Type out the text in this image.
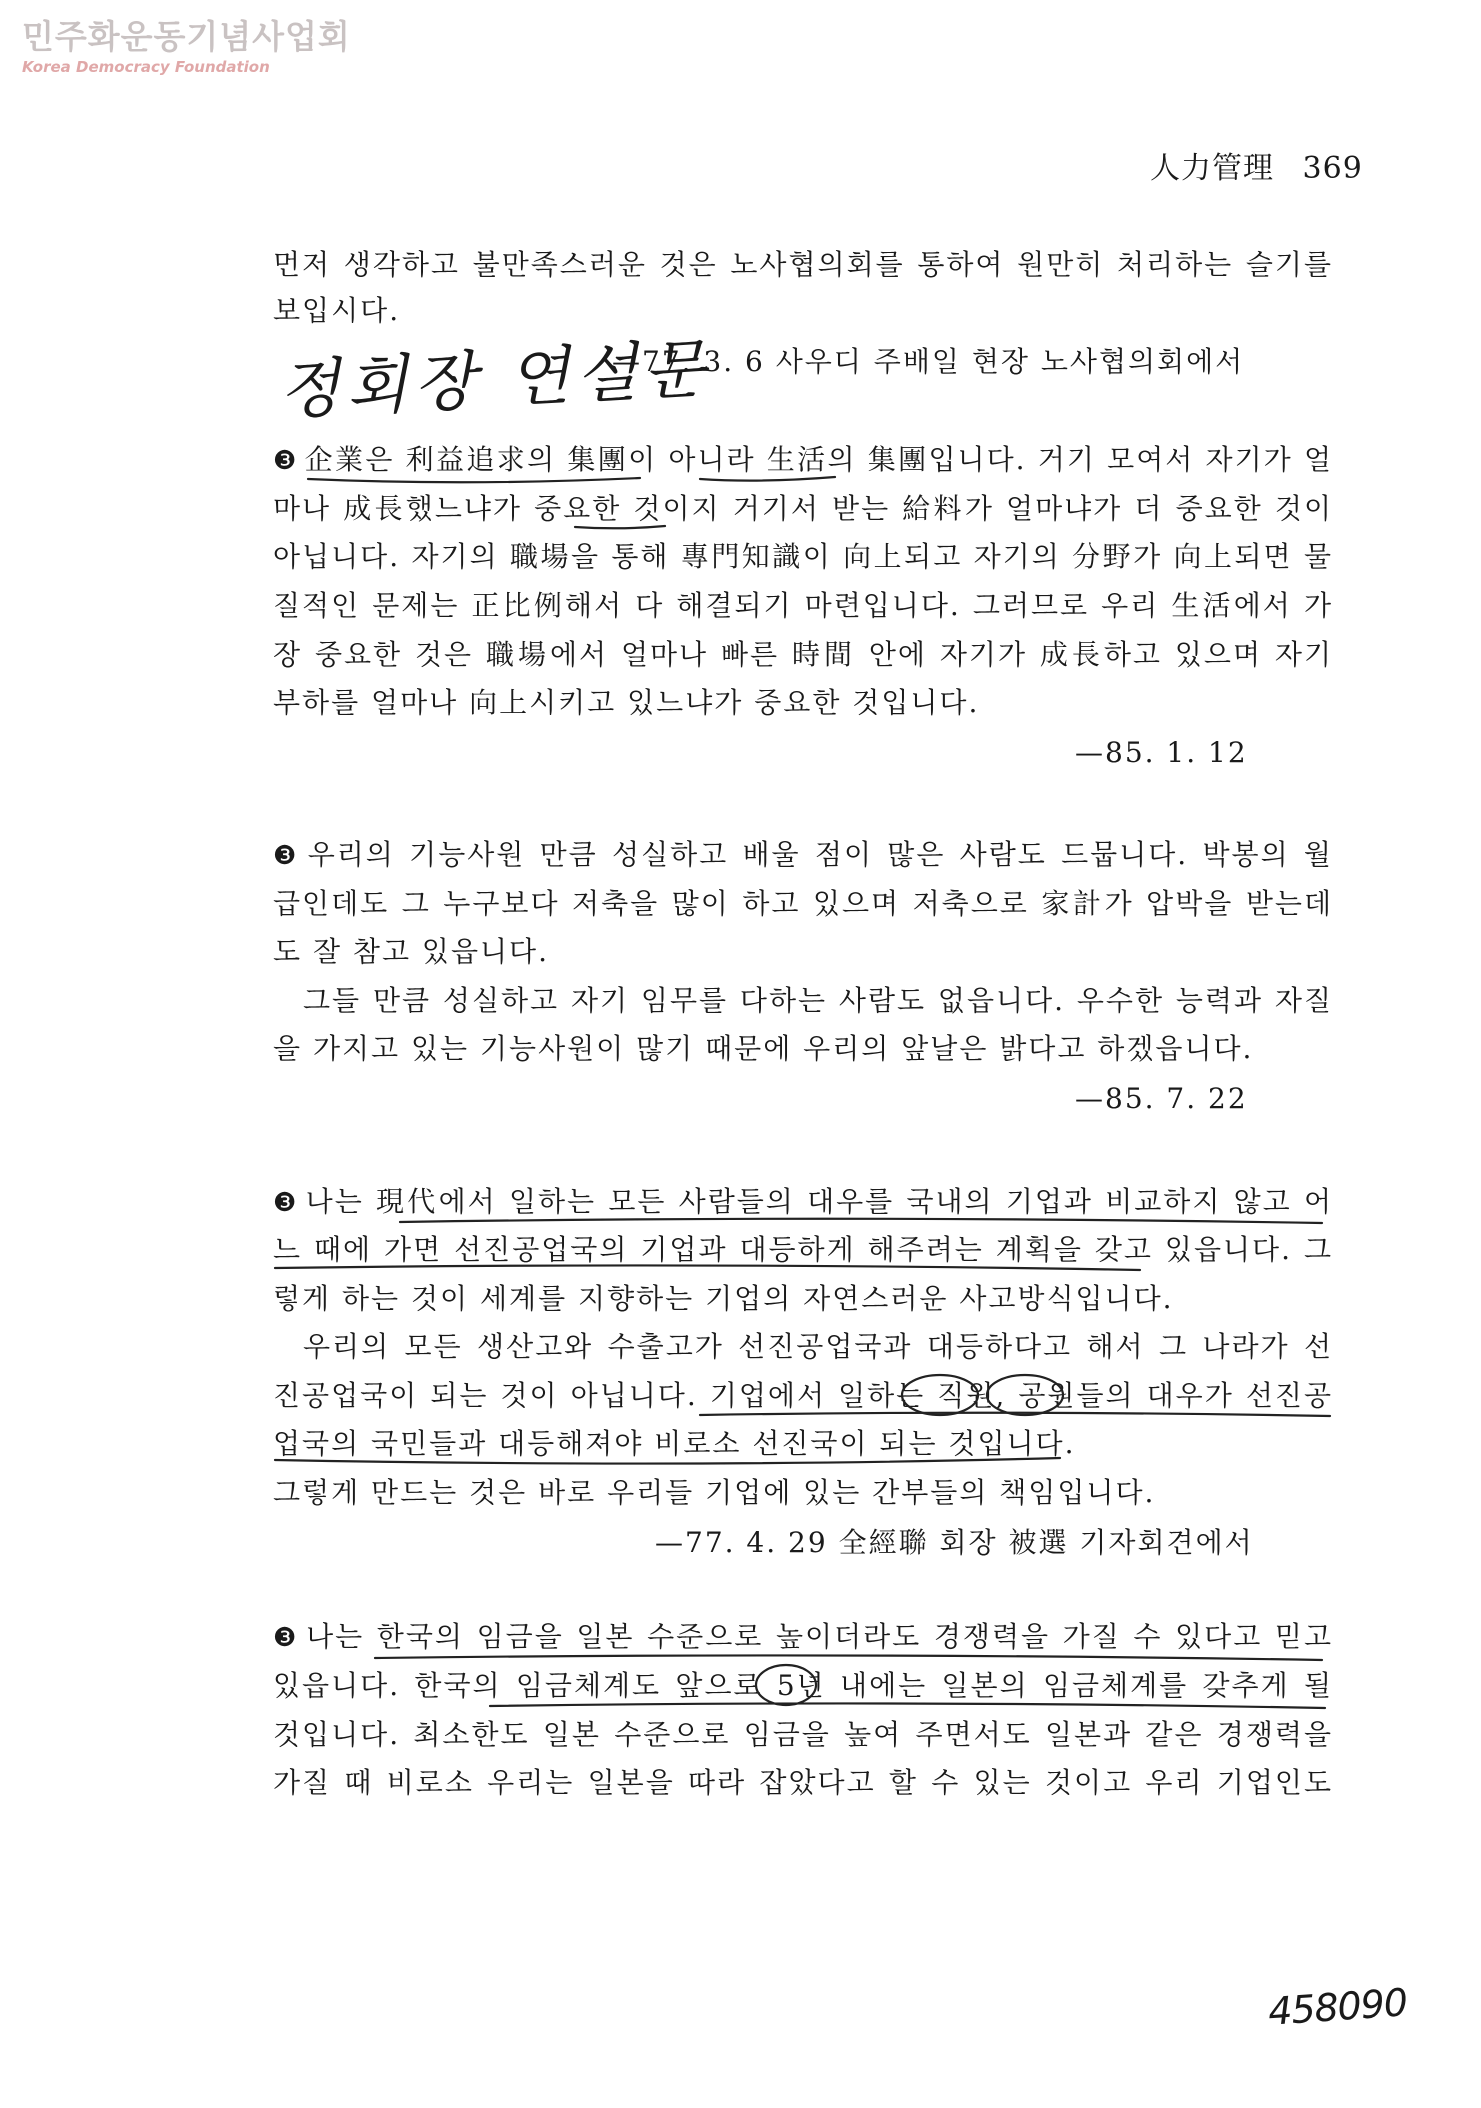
민주화운동기념사업회
Korea Democracy Foundation
人力管理 369
먼저 생각하고 불만족스러운 것은 노사협의회를 통하여 원만히 처리하는 슬기를
보입시다.
정회장 연설문
—77. 3. 6 사우디 주배일 현장 노사협의회에서
❸ 企業은 利益追求의 集團이 아니라 生活의 集團입니다. 거기 모여서 자기가 얼
마나 成長했느냐가 중요한 것이지 거기서 받는 給料가 얼마냐가 더 중요한 것이
아닙니다. 자기의 職場을 통해 專門知識이 向上되고 자기의 分野가 向上되면 물
질적인 문제는 正比例해서 다 해결되기 마련입니다. 그러므로 우리 生活에서 가
장 중요한 것은 職場에서 얼마나 빠른 時間 안에 자기가 成長하고 있으며 자기
부하를 얼마나 向上시키고 있느냐가 중요한 것입니다.
—85. 1. 12
❸ 우리의 기능사원 만큼 성실하고 배울 점이 많은 사람도 드뭅니다. 박봉의 월
급인데도 그 누구보다 저축을 많이 하고 있으며 저축으로 家計가 압박을 받는데
도 잘 참고 있읍니다.
그들 만큼 성실하고 자기 임무를 다하는 사람도 없읍니다. 우수한 능력과 자질
을 가지고 있는 기능사원이 많기 때문에 우리의 앞날은 밝다고 하겠읍니다.
—85. 7. 22
❸ 나는 現代에서 일하는 모든 사람들의 대우를 국내의 기업과 비교하지 않고 어
느 때에 가면 선진공업국의 기업과 대등하게 해주려는 계획을 갖고 있읍니다. 그
렇게 하는 것이 세계를 지향하는 기업의 자연스러운 사고방식입니다.
우리의 모든 생산고와 수출고가 선진공업국과 대등하다고 해서 그 나라가 선
진공업국이 되는 것이 아닙니다. 기업에서 일하는 직원, 공원들의 대우가 선진공
업국의 국민들과 대등해져야 비로소 선진국이 되는 것입니다.
그렇게 만드는 것은 바로 우리들 기업에 있는 간부들의 책임입니다.
—77. 4. 29 全經聯 회장 被選 기자회견에서
❸ 나는 한국의 임금을 일본 수준으로 높이더라도 경쟁력을 가질 수 있다고 믿고
있읍니다. 한국의 임금체계도 앞으로 5년 내에는 일본의 임금체계를 갖추게 될
것입니다. 최소한도 일본 수준으로 임금을 높여 주면서도 일본과 같은 경쟁력을
가질 때 비로소 우리는 일본을 따라 잡았다고 할 수 있는 것이고 우리 기업인도
458090
